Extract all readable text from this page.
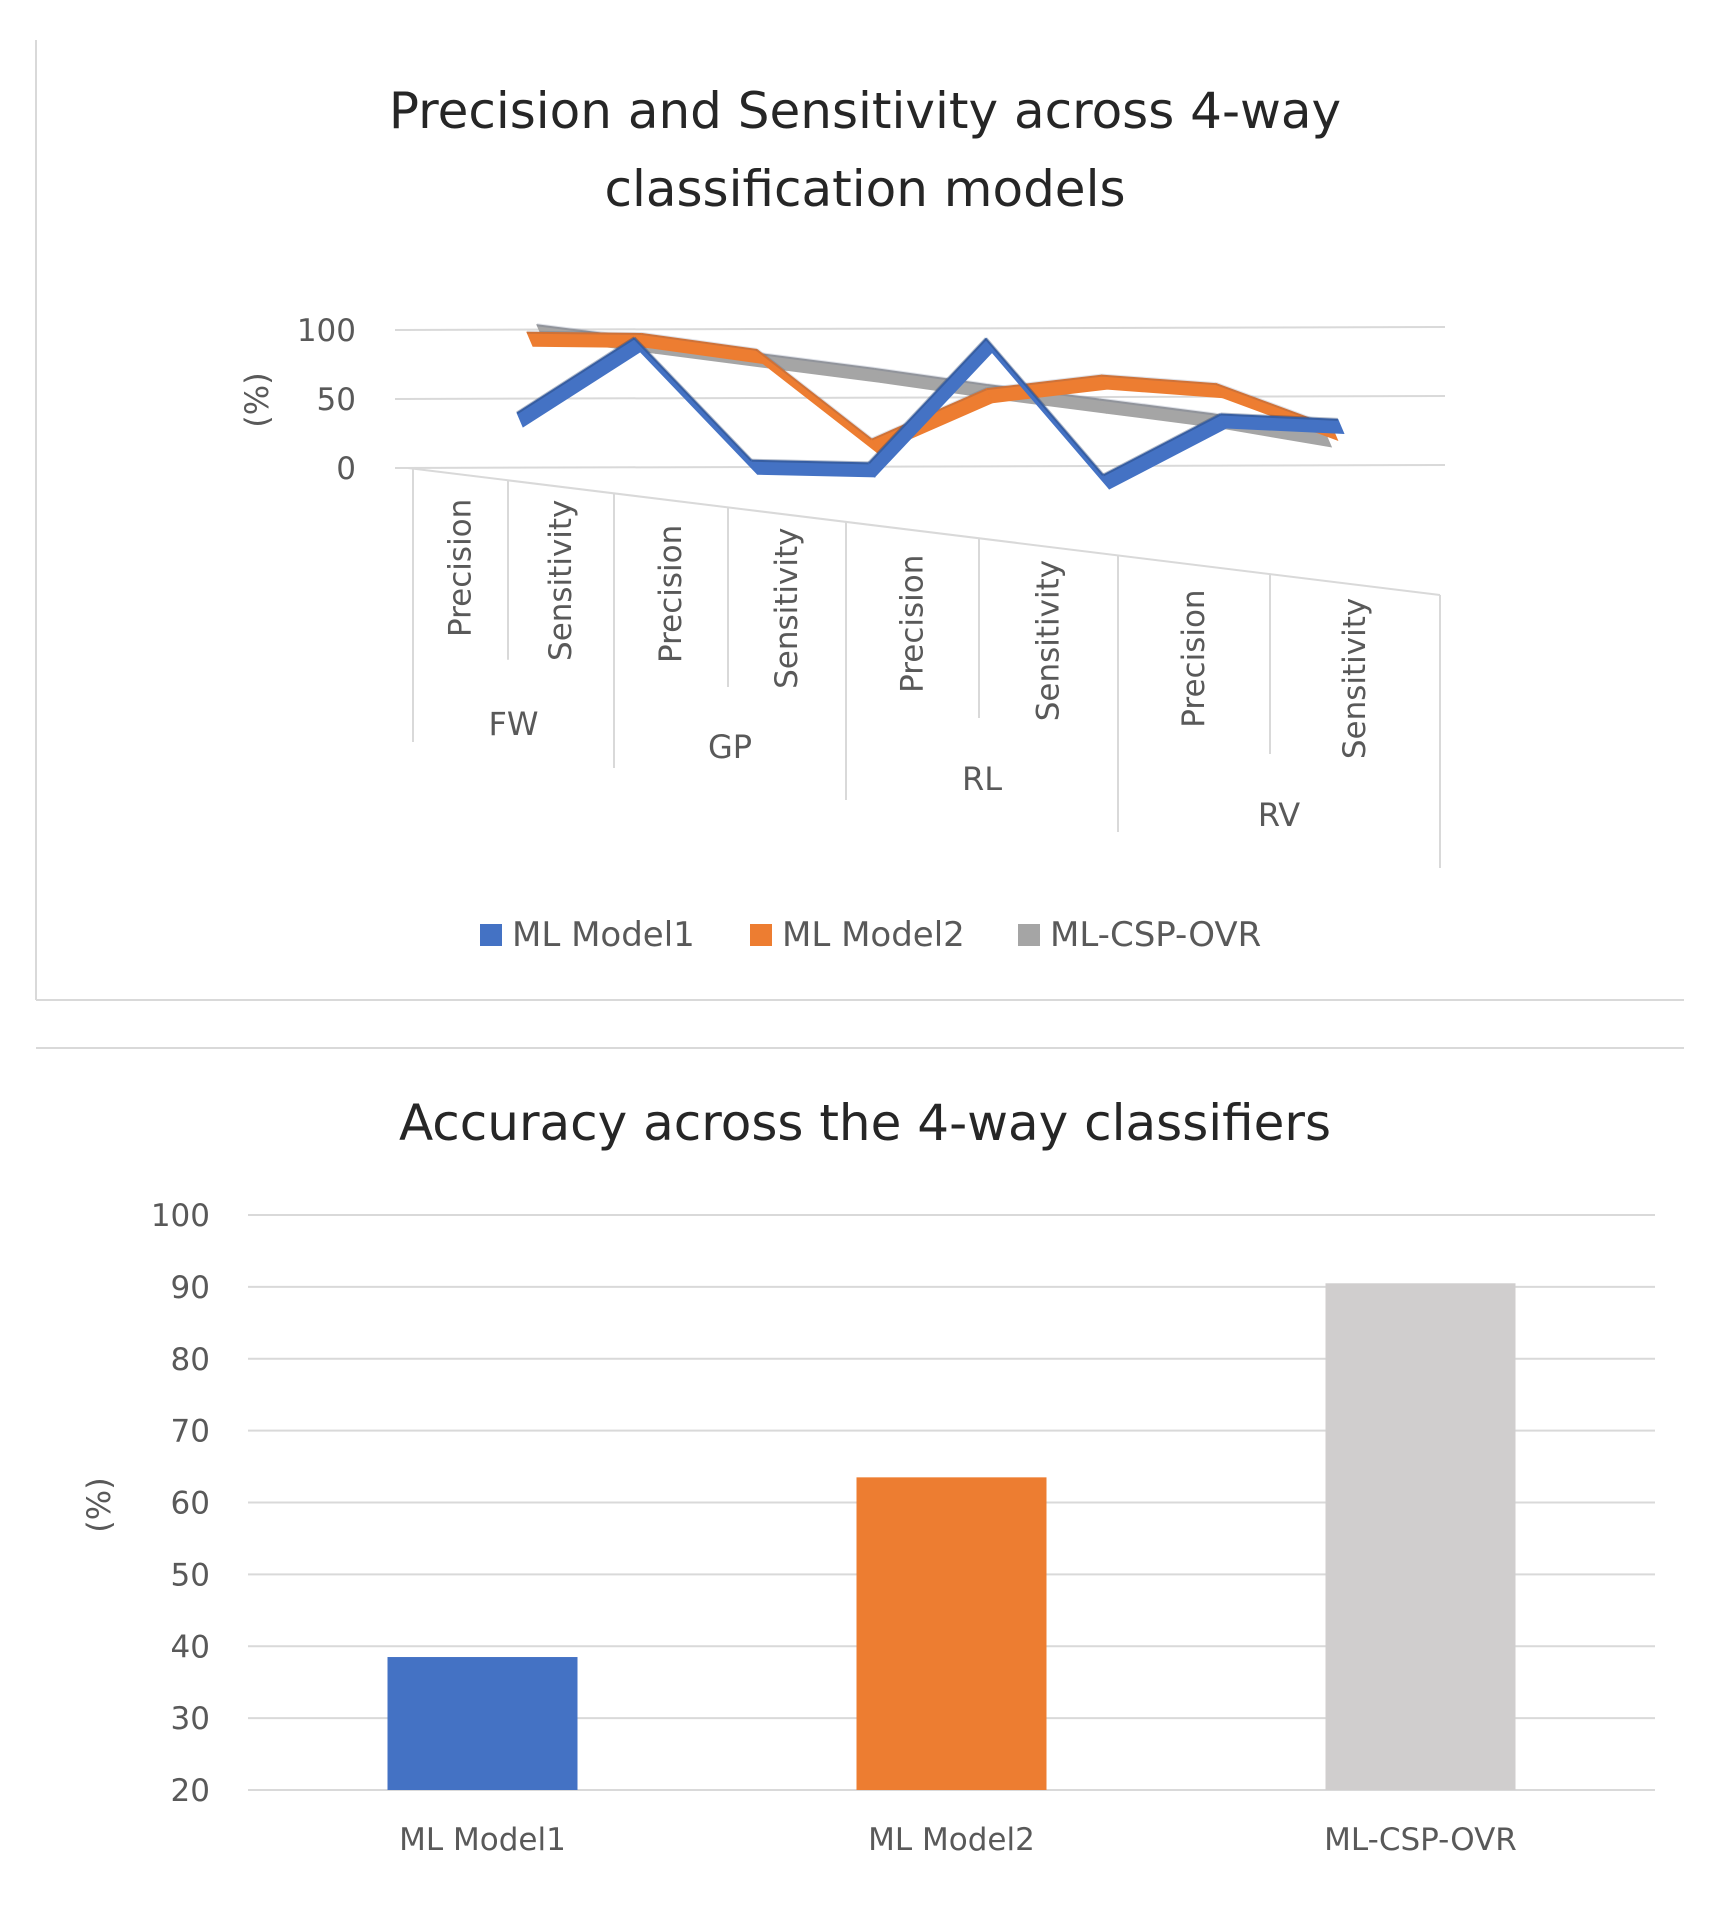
Precision and Sensitivity across 4-way
classification models
0
50
100
(%)
Precision Sensitivity Precision	Sensitivity	Precision	Sensitivity	Precision	Sensitivity
FW
GP
RL
RV
ML Model1	ML Model2	ML-CSP-OVR
Accuracy across the 4-way classifiers
20
30
40
50
60
70
80
90
100
(%)
ML Model1	ML Model2	ML-CSP-OVR
